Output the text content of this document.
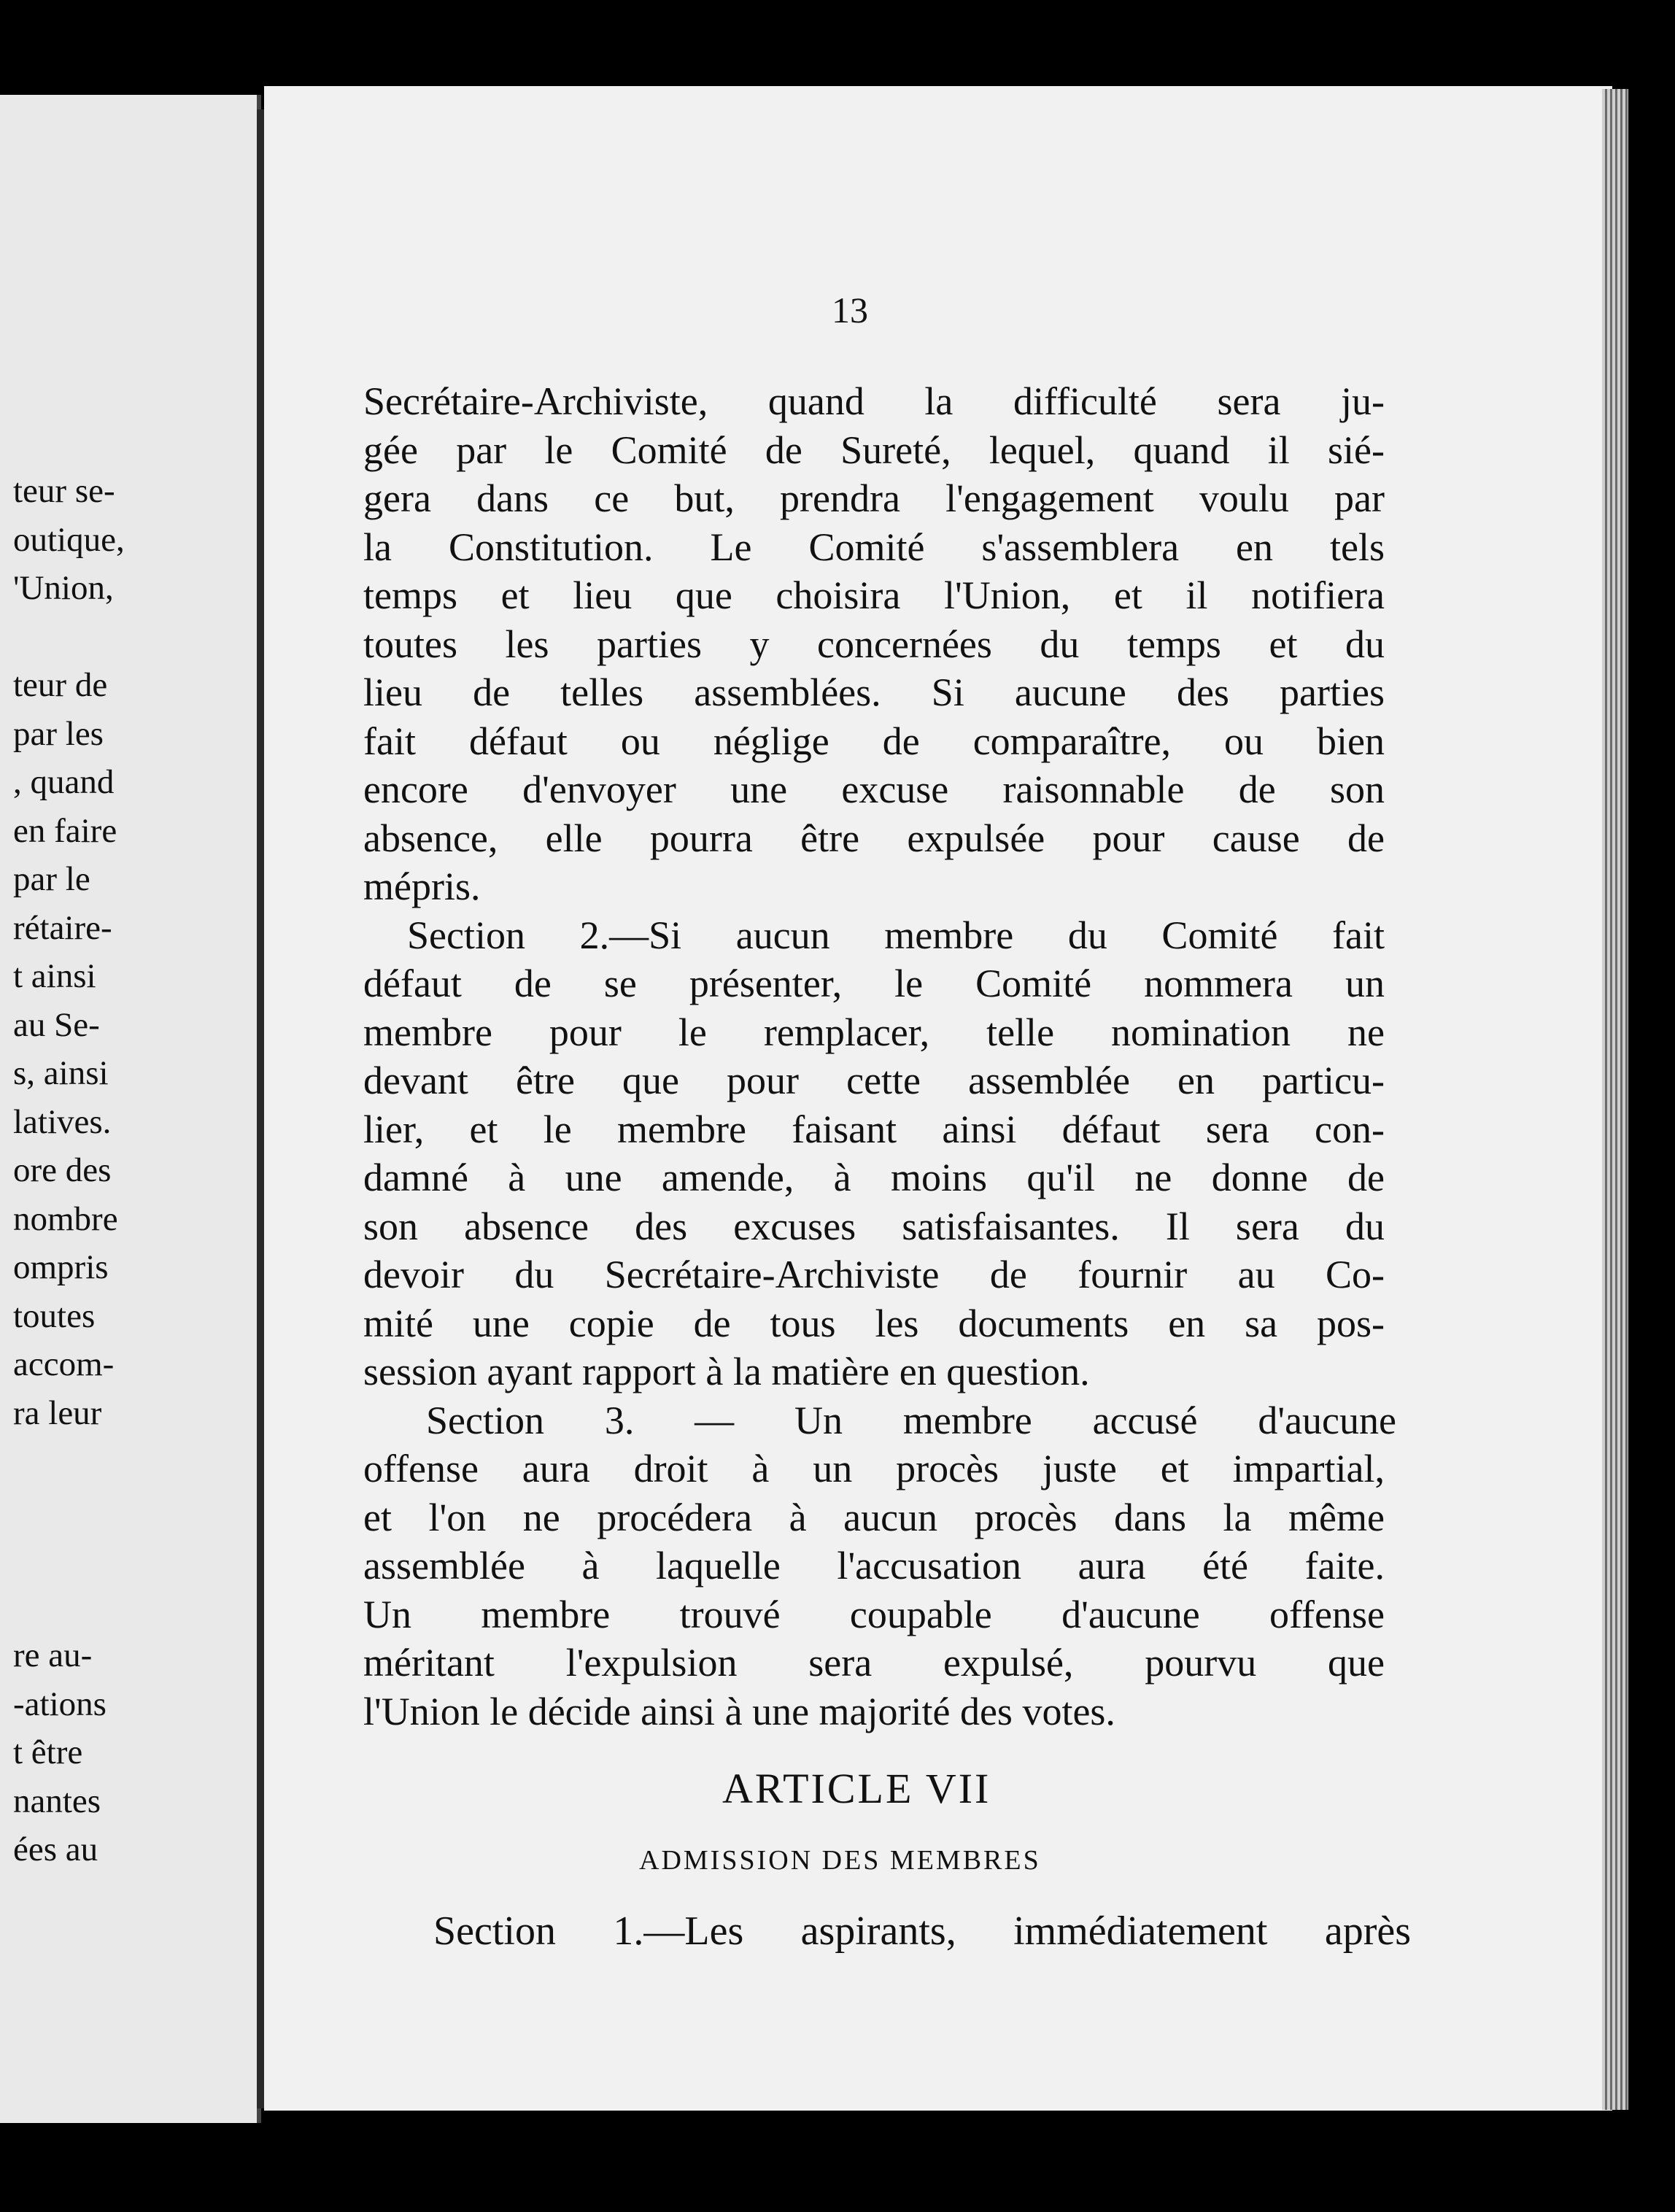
teur se-
outique,
'Union,
teur de
par les
, quand
en faire
par le
rétaire-
t ainsi
au Se-
s, ainsi
latives.
ore des
nombre
ompris
toutes
accom-
ra leur
re au-
-ations
t être
nantes
ées au
13
Secrétaire-Archiviste, quand la difficulté sera ju-
gée par le Comité de Sureté, lequel, quand il sié-
gera dans ce but, prendra l'engagement voulu par
la Constitution. Le Comité s'assemblera en tels
temps et lieu que choisira l'Union, et il notifiera
toutes les parties y concernées du temps et du
lieu de telles assemblées. Si aucune des parties
fait défaut ou néglige de comparaître, ou bien
encore d'envoyer une excuse raisonnable de son
absence, elle pourra être expulsée pour cause de
mépris.
Section 2.—Si aucun membre du Comité fait
défaut de se présenter, le Comité nommera un
membre pour le remplacer, telle nomination ne
devant être que pour cette assemblée en particu-
lier, et le membre faisant ainsi défaut sera con-
damné à une amende, à moins qu'il ne donne de
son absence des excuses satisfaisantes. Il sera du
devoir du Secrétaire-Archiviste de fournir au Co-
mité une copie de tous les documents en sa pos-
session ayant rapport à la matière en question.
Section 3. — Un membre accusé d'aucune
offense aura droit à un procès juste et impartial,
et l'on ne procédera à aucun procès dans la même
assemblée à laquelle l'accusation aura été faite.
Un membre trouvé coupable d'aucune offense
méritant l'expulsion sera expulsé, pourvu que
l'Union le décide ainsi à une majorité des votes.
ARTICLE VII
ADMISSION DES MEMBRES
Section 1.—Les aspirants, immédiatement après
